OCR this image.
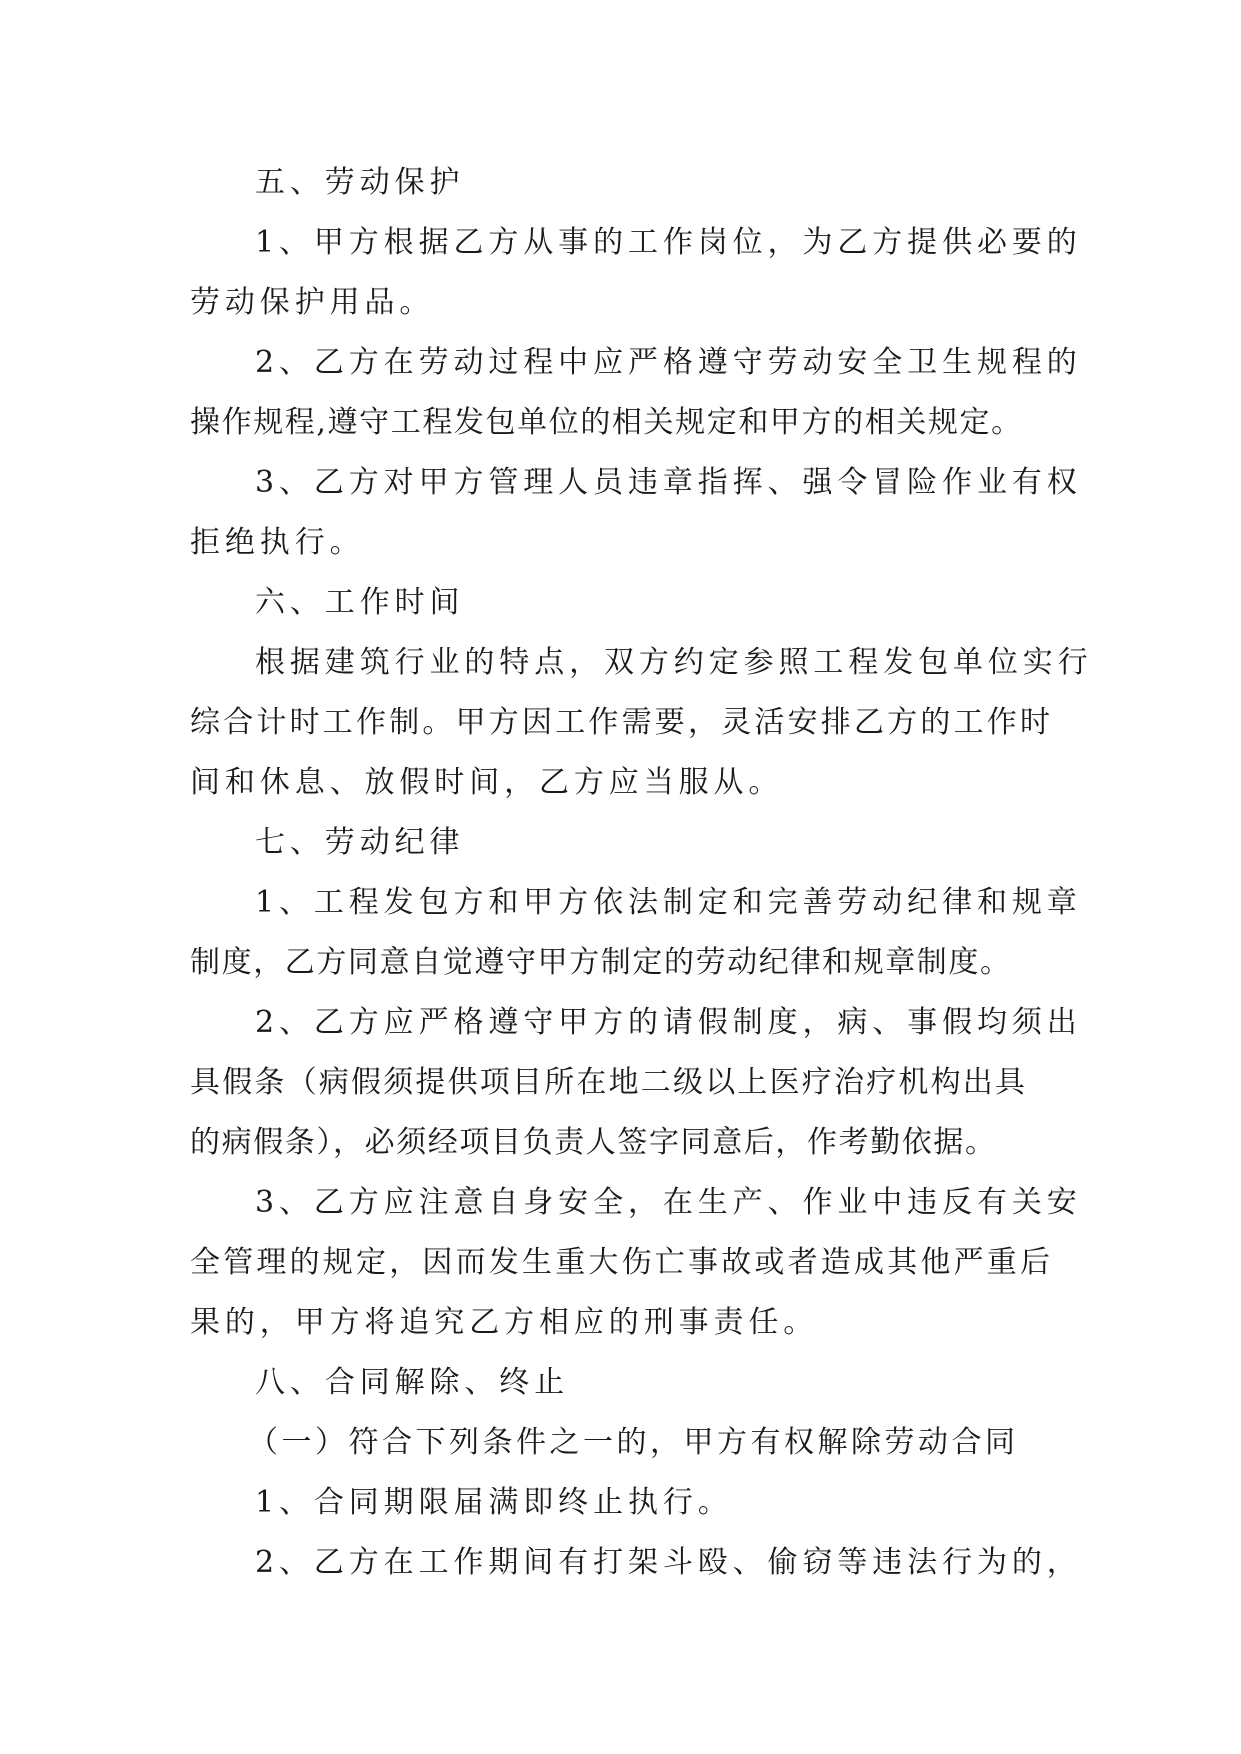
五、劳动保护
1、甲方根据乙方从事的工作岗位，为乙方提供必要的
劳动保护用品。
2、乙方在劳动过程中应严格遵守劳动安全卫生规程的
操作规程,遵守工程发包单位的相关规定和甲方的相关规定。
3、乙方对甲方管理人员违章指挥、强令冒险作业有权
拒绝执行。
六、工作时间
根据建筑行业的特点，双方约定参照工程发包单位实行
综合计时工作制。甲方因工作需要，灵活安排乙方的工作时
间和休息、放假时间，乙方应当服从。
七、劳动纪律
1、工程发包方和甲方依法制定和完善劳动纪律和规章
制度，乙方同意自觉遵守甲方制定的劳动纪律和规章制度。
2、乙方应严格遵守甲方的请假制度，病、事假均须出
具假条（病假须提供项目所在地二级以上医疗治疗机构出具
的病假条），必须经项目负责人签字同意后，作考勤依据。
3、乙方应注意自身安全，在生产、作业中违反有关安
全管理的规定，因而发生重大伤亡事故或者造成其他严重后
果的，甲方将追究乙方相应的刑事责任。
八、合同解除、终止
（一）符合下列条件之一的，甲方有权解除劳动合同
1、合同期限届满即终止执行。
2、乙方在工作期间有打架斗殴、偷窃等违法行为的，
